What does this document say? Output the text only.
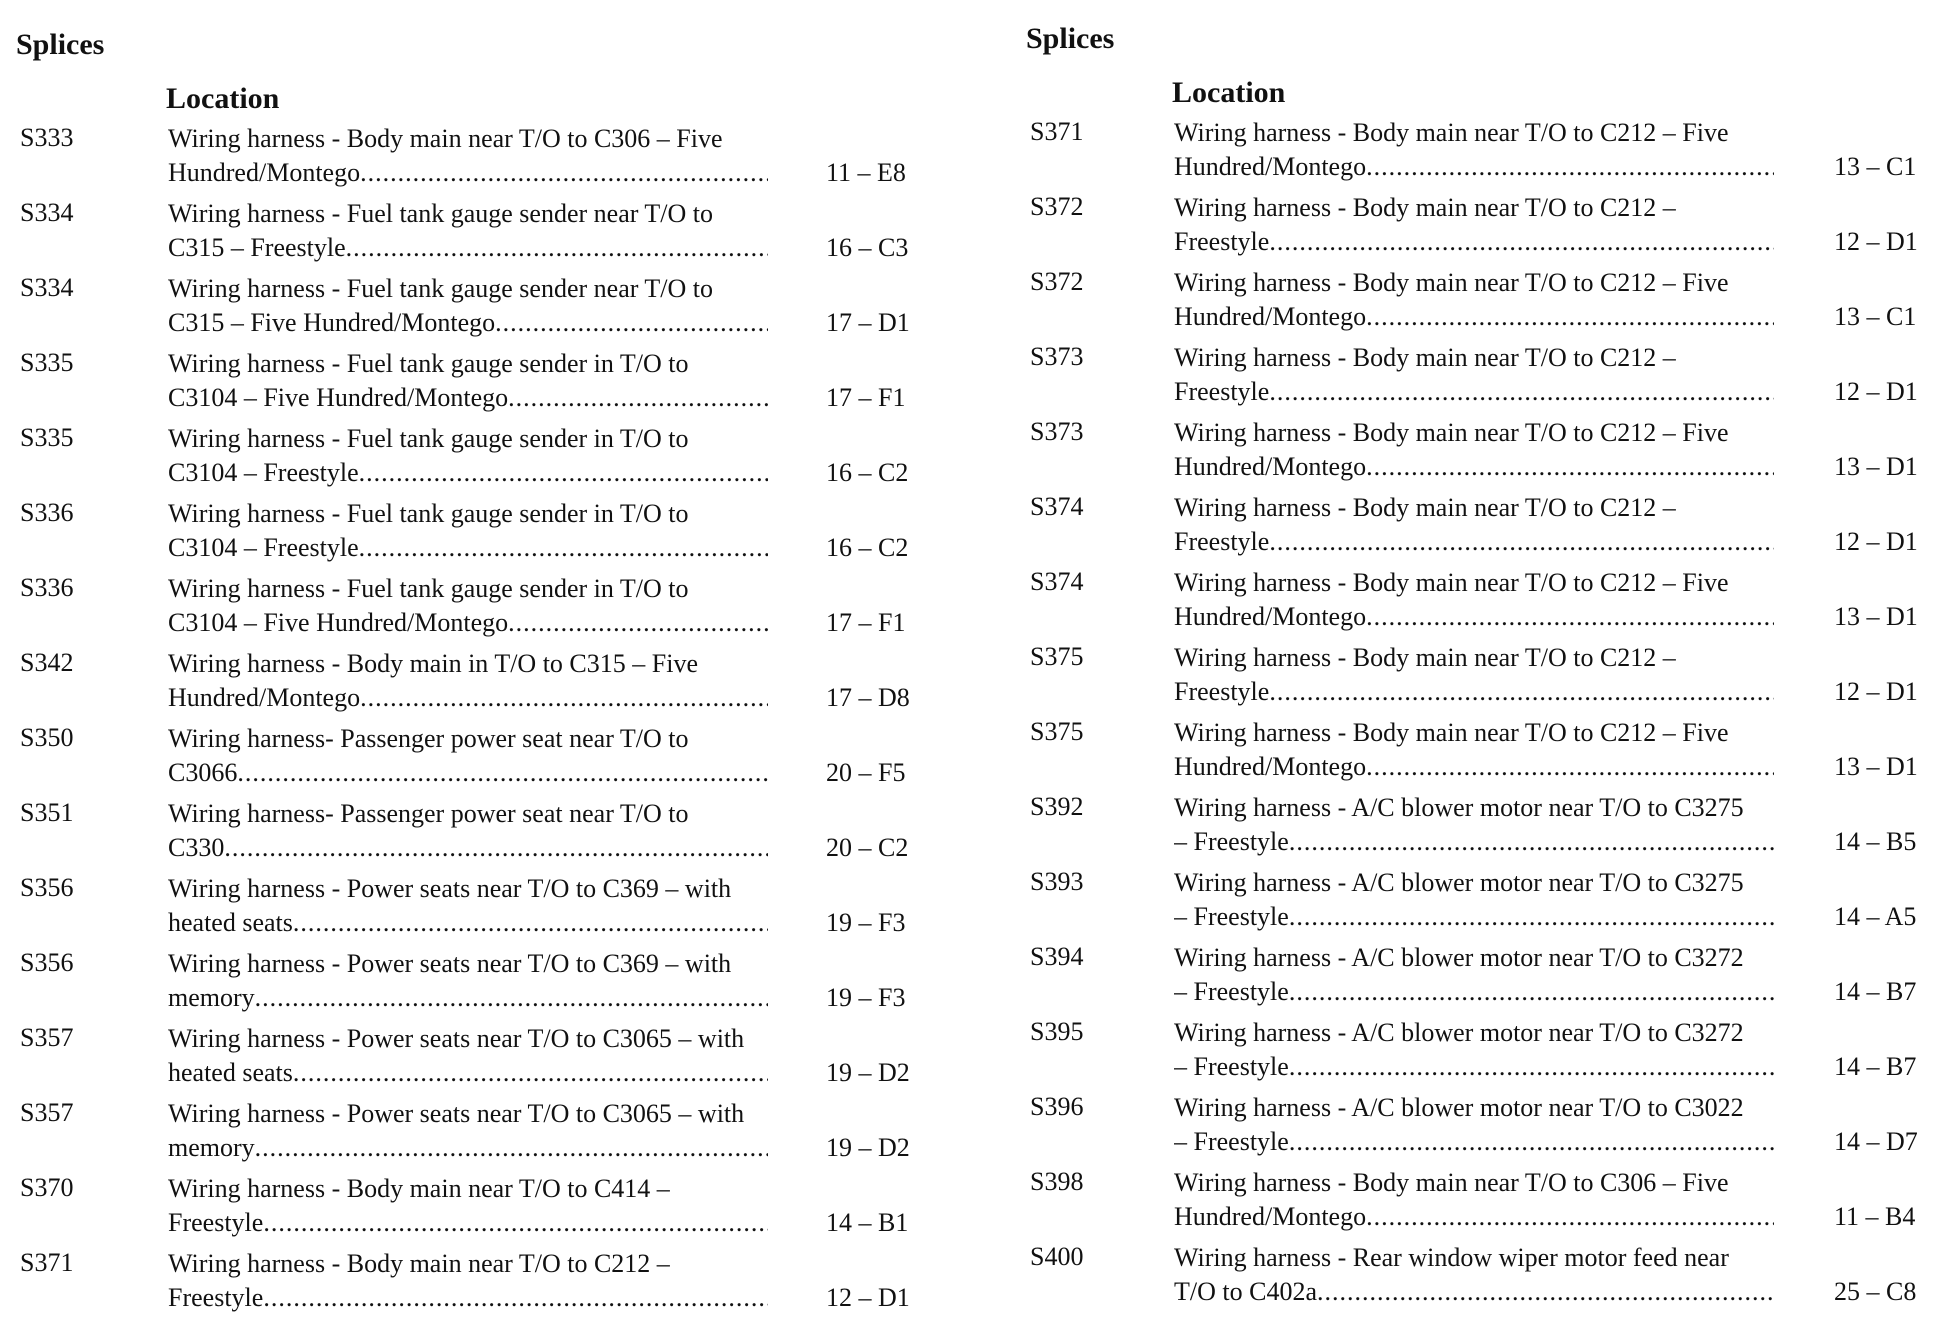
Splices
Location
S333	Wiring harness - Body main near T/O to C306 – Five
Hundred/Montego .....	11 – E8
S334	Wiring harness - Fuel tank gauge sender near T/O to
C315 – Freestyle .....	16 – C3
S334	Wiring harness - Fuel tank gauge sender near T/O to
C315 – Five Hundred/Montego .....	17 – D1
S335	Wiring harness - Fuel tank gauge sender in T/O to
C3104 – Five Hundred/Montego .....	17 – F1
S335	Wiring harness - Fuel tank gauge sender in T/O to
C3104 – Freestyle .....	16 – C2
S336	Wiring harness - Fuel tank gauge sender in T/O to
C3104 – Freestyle .....	16 – C2
S336	Wiring harness - Fuel tank gauge sender in T/O to
C3104 – Five Hundred/Montego .....	17 – F1
S342	Wiring harness - Body main in T/O to C315 – Five
Hundred/Montego .....	17 – D8
S350	Wiring harness- Passenger power seat near T/O to
C3066 .....	20 – F5
S351	Wiring harness- Passenger power seat near T/O to
C330 .....	20 – C2
S356	Wiring harness - Power seats near T/O to C369 – with
heated seats .....	19 – F3
S356	Wiring harness - Power seats near T/O to C369 – with
memory .....	19 – F3
S357	Wiring harness - Power seats near T/O to C3065 – with
heated seats .....	19 – D2
S357	Wiring harness - Power seats near T/O to C3065 – with
memory .....	19 – D2
S370	Wiring harness - Body main near T/O to C414 –
Freestyle .....	14 – B1
S371	Wiring harness - Body main near T/O to C212 –
Freestyle .....	12 – D1
Splices
Location
S371	Wiring harness - Body main near T/O to C212 – Five
Hundred/Montego .....	13 – C1
S372	Wiring harness - Body main near T/O to C212 –
Freestyle .....	12 – D1
S372	Wiring harness - Body main near T/O to C212 – Five
Hundred/Montego .....	13 – C1
S373	Wiring harness - Body main near T/O to C212 –
Freestyle .....	12 – D1
S373	Wiring harness - Body main near T/O to C212 – Five
Hundred/Montego .....	13 – D1
S374	Wiring harness - Body main near T/O to C212 –
Freestyle .....	12 – D1
S374	Wiring harness - Body main near T/O to C212 – Five
Hundred/Montego .....	13 – D1
S375	Wiring harness - Body main near T/O to C212 –
Freestyle .....	12 – D1
S375	Wiring harness - Body main near T/O to C212 – Five
Hundred/Montego .....	13 – D1
S392	Wiring harness - A/C blower motor near T/O to C3275
– Freestyle .....	14 – B5
S393	Wiring harness - A/C blower motor near T/O to C3275
– Freestyle .....	14 – A5
S394	Wiring harness - A/C blower motor near T/O to C3272
– Freestyle .....	14 – B7
S395	Wiring harness - A/C blower motor near T/O to C3272
– Freestyle .....	14 – B7
S396	Wiring harness - A/C blower motor near T/O to C3022
– Freestyle .....	14 – D7
S398	Wiring harness - Body main near T/O to C306 – Five
Hundred/Montego .....	11 – B4
S400	Wiring harness - Rear window wiper motor feed near
T/O to C402a .....	25 – C8
